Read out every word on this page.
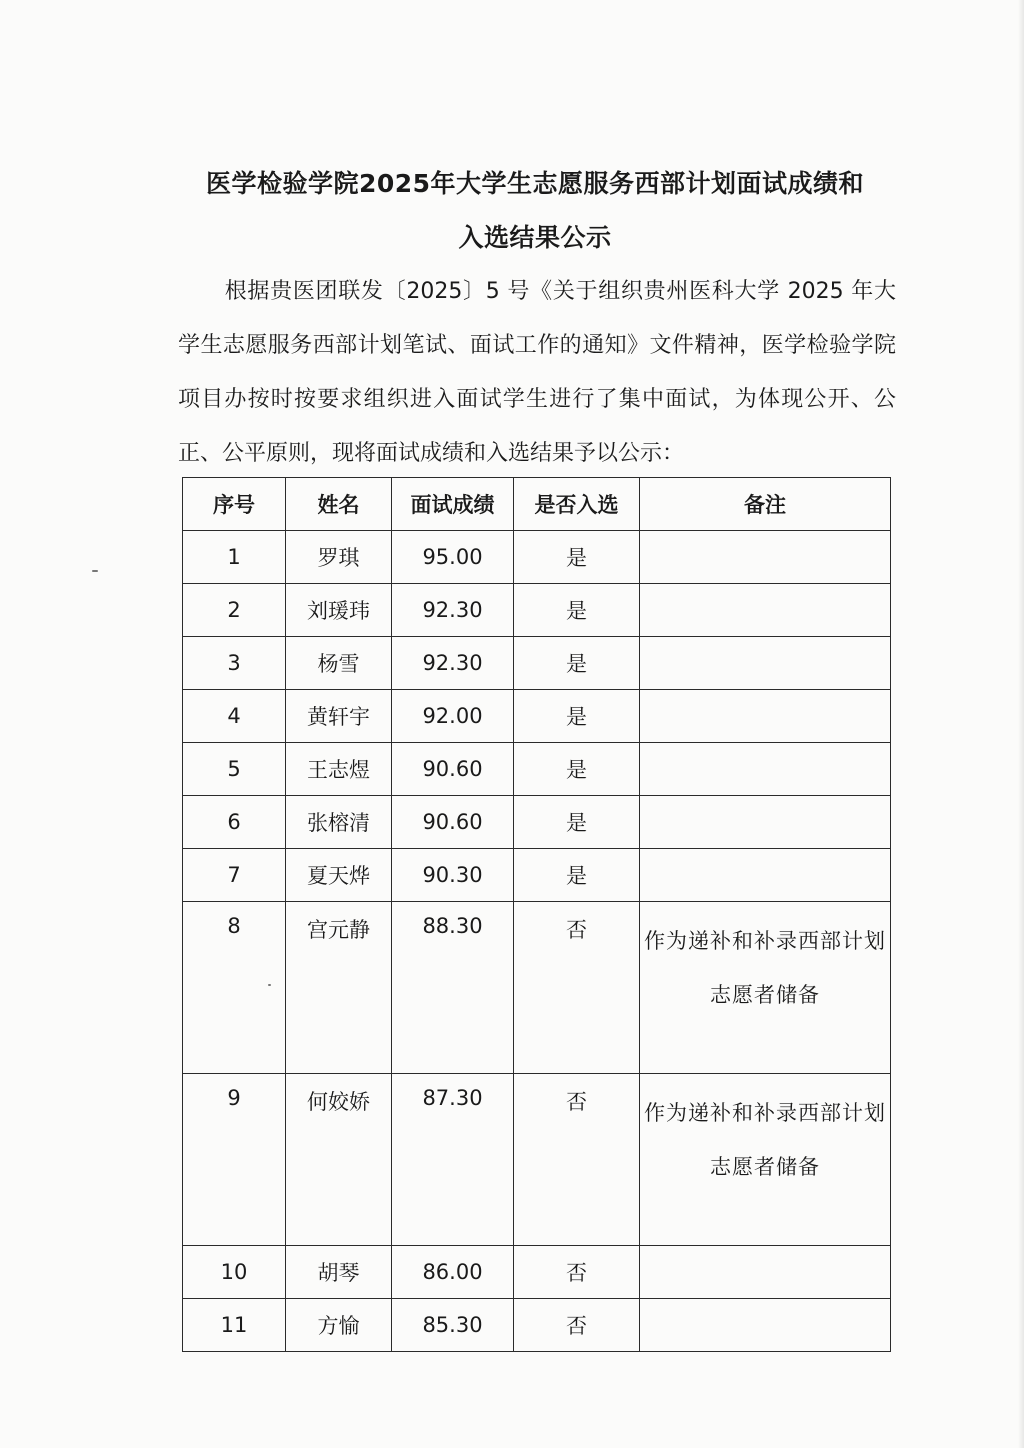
医学检验学院2025年大学生志愿服务西部计划面试成绩和
入选结果公示
根据贵医团联发〔2025〕5 号《关于组织贵州医科大学 2025 年大学生志愿服务西部计划笔试、面试工作的通知》文件精神，医学检验学院项目办按时按要求组织进入面试学生进行了集中面试，为体现公开、公正、公平原则，现将面试成绩和入选结果予以公示：
序号	姓名	面试成绩	是否入选	备注
1	罗琪	95.00	是	
2	刘瑗玮	92.30	是	
3	杨雪	92.30	是	
4	黄轩宇	92.00	是	
5	王志煜	90.60	是	
6	张榕清	90.60	是	
7	夏天烨	90.30	是	
8	宫元静	88.30	否	作为递补和补录西部计划志愿者储备
9	何姣娇	87.30	否	作为递补和补录西部计划志愿者储备
10	胡琴	86.00	否	
11	方愉	85.30	否	
